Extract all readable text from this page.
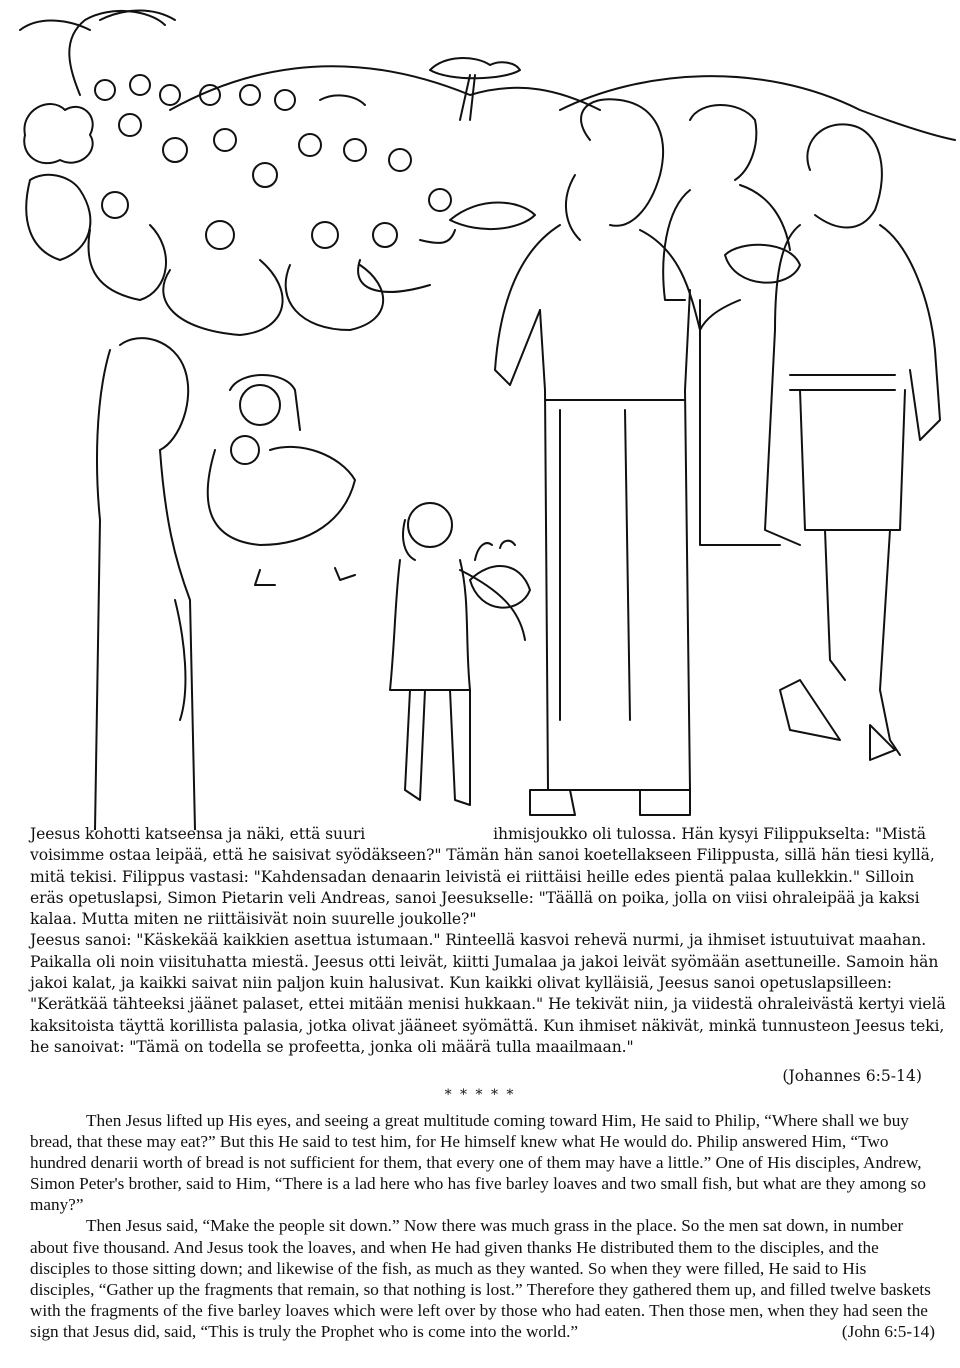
Jeesus kohotti katseensa ja näki, että suuri	ihmisjoukko oli tulossa. Hän kysyi Filippukselta: "Mistä

voisimme ostaa leipää, että he saisivat syödäkseen?" Tämän hän sanoi koetellakseen Filippusta, sillä hän tiesi kyllä, mitä tekisi. Filippus vastasi: "Kahdensadan denaarin leivistä ei riittäisi heille edes pientä palaa kullekkin." Silloin eräs opetuslapsi, Simon Pietarin veli Andreas, sanoi Jeesukselle: "Täällä on poika, jolla on viisi ohraleipää ja kaksi kalaa. Mutta miten ne riittäisivät noin suurelle joukolle?"

Jeesus sanoi: "Käskekää kaikkien asettua istumaan." Rinteellä kasvoi rehevä nurmi, ja ihmiset istuutuivat maahan. Paikalla oli noin viisituhatta miestä. Jeesus otti leivät, kiitti Jumalaa ja jakoi leivät syömään asettuneille. Samoin hän jakoi kalat, ja kaikki saivat niin paljon kuin halusivat. Kun kaikki olivat kylläisiä, Jeesus sanoi opetuslapsilleen: "Kerätkää tähteeksi jäänet palaset, ettei mitään menisi hukkaan." He tekivät niin, ja viidestä ohraleivästä kertyi vielä kaksitoista täyttä korillista palasia, jotka olivat jääneet syömättä. Kun ihmiset näkivät, minkä tunnusteon Jeesus teki, he sanoivat: "Tämä on todella se profeetta, jonka oli määrä tulla maailmaan."

(Johannes 6:5-14)
* * * * *

Then Jesus lifted up His eyes, and seeing a great multitude coming toward Him, He said to Philip, “Where shall we buy bread, that these may eat?” But this He said to test him, for He himself knew what He would do. Philip answered Him, “Two hundred denarii worth of bread is not sufficient for them, that every one of them may have a little.” One of His disciples, Andrew, Simon Peter's brother, said to Him, “There is a lad here who has five barley loaves and two small fish, but what are they among so many?”

Then Jesus said, “Make the people sit down.” Now there was much grass in the place. So the men sat down, in number about five thousand. And Jesus took the loaves, and when He had given thanks He distributed them to the disciples, and the disciples to those sitting down; and likewise of the fish, as much as they wanted. So when they were filled, He said to His disciples, “Gather up the fragments that remain, so that nothing is lost.” Therefore they gathered them up, and filled twelve baskets with the fragments of the five barley loaves which were left over by those who had eaten. Then those men, when they had seen the sign that Jesus did, said, “This is truly the Prophet who is come into the world.”	(John 6:5-14)
